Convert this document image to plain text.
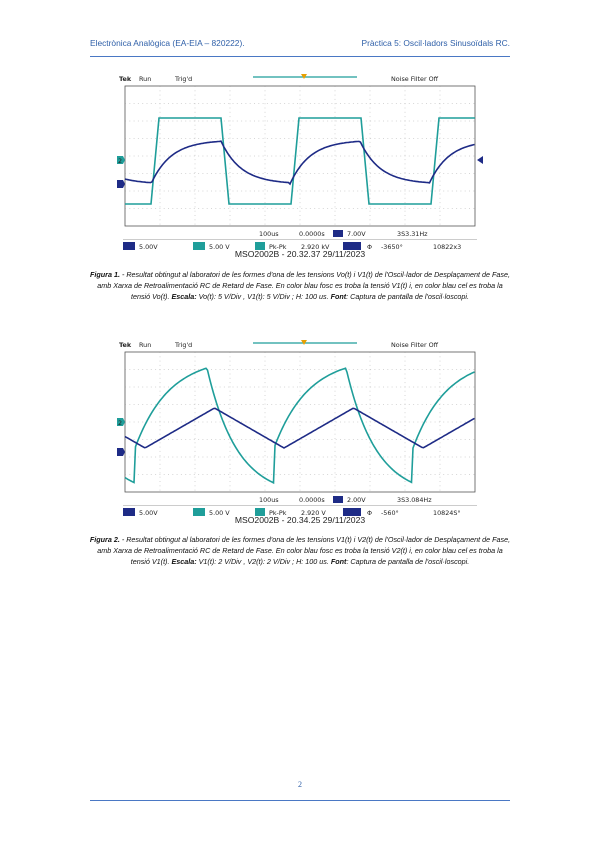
Electrònica Analògica (EA-EIA – 820222).	Pràctica 5: Oscil·ladors Sinusoïdals RC.
Tek Run	Trig'd	Noise Filter Off
2
100us	0.0000s	7.00V	3S3.31Hz
5.00V	5.00 V	Pk-Pk 2.920 kV	Φ -3650°	10822x3
MSO2002B - 20.32.37 29/11/2023
Figura 1. - Resultat obtingut al laboratori de les formes d'ona de les tensions Vo(t) i V1(t) de l'Oscil·lador de Desplaçament de Fase, amb Xarxa de Retroalimentació RC de Retard de Fase. En color blau fosc es troba la tensió V1(t) i, en color blau cel es troba la tensió Vo(t). Escala: Vo(t): 5 V/Div , V1(t): 5 V/Div ; H: 100 us. Font: Captura de pantalla de l'oscil·loscopi.
Tek Run	Trig'd	Noise Filter Off
2
100us	0.0000s	2.00V	3S3.084Hz
5.00V	5.00 V	Pk-Pk 2.920 V	Φ -560°	10824S°
MSO2002B - 20.34.25 29/11/2023
Figura 2. - Resultat obtingut al laboratori de les formes d'ona de les tensions V1(t) i V2(t) de l'Oscil·lador de Desplaçament de Fase, amb Xarxa de Retroalimentació RC de Retard de Fase. En color blau fosc es troba la tensió V2(t) i, en color blau cel es troba la tensió V1(t). Escala: V1(t): 2 V/Div , V2(t): 2 V/Div ; H: 100 us. Font: Captura de pantalla de l'oscil·loscopi.
2
